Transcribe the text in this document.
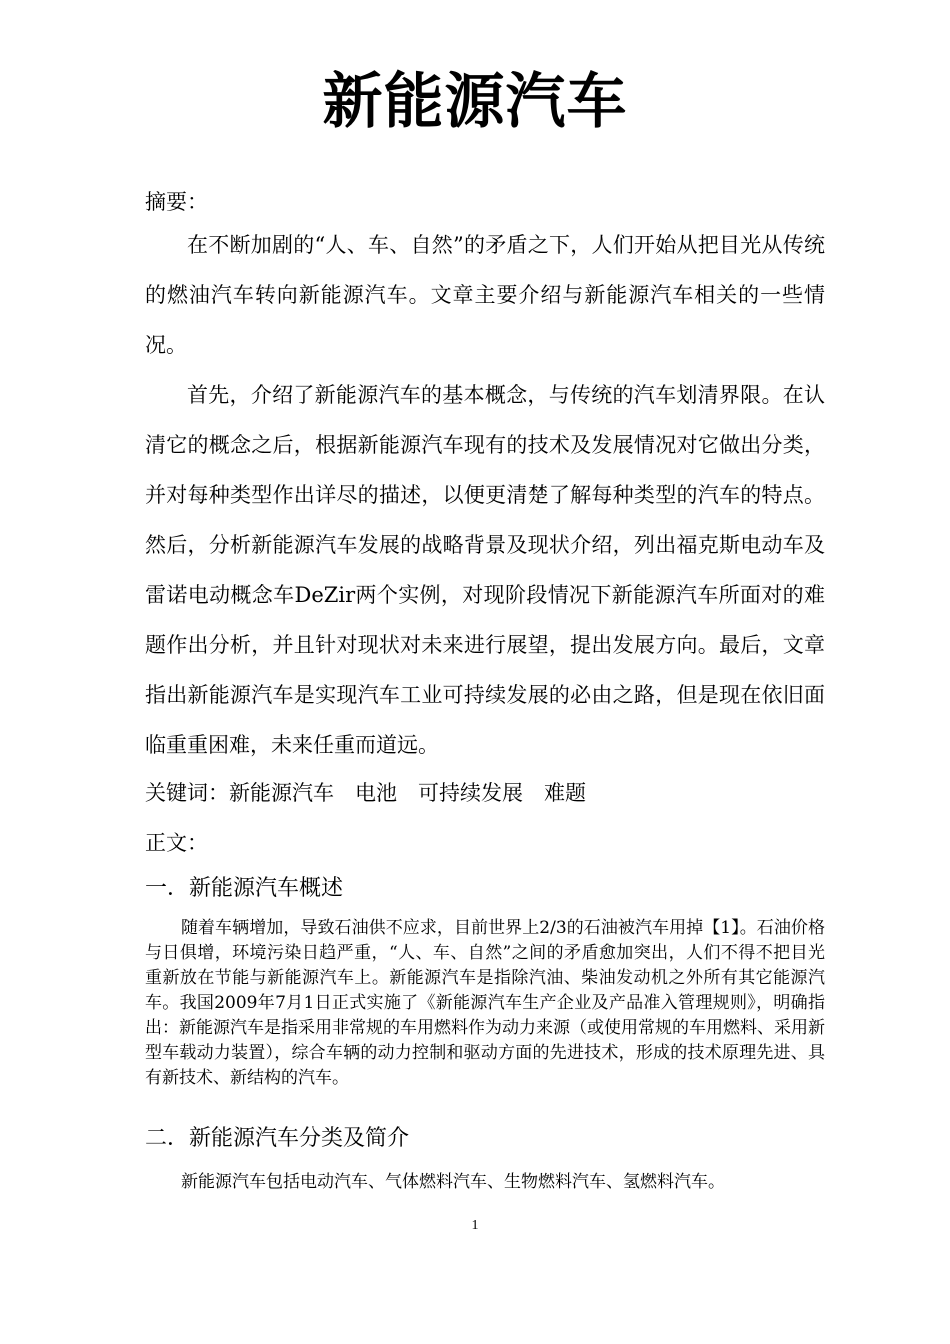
新能源汽车

摘要：

在不断加剧的“人、车、自然”的矛盾之下，人们开始从把目光从传统的燃油汽车转向新能源汽车。文章主要介绍与新能源汽车相关的一些情况。

首先，介绍了新能源汽车的基本概念，与传统的汽车划清界限。在认清它的概念之后，根据新能源汽车现有的技术及发展情况对它做出分类，并对每种类型作出详尽的描述，以便更清楚了解每种类型的汽车的特点。然后，分析新能源汽车发展的战略背景及现状介绍，列出福克斯电动车及雷诺电动概念车DeZir两个实例，对现阶段情况下新能源汽车所面对的难题作出分析，并且针对现状对未来进行展望，提出发展方向。最后，文章指出新能源汽车是实现汽车工业可持续发展的必由之路，但是现在依旧面临重重困难，未来任重而道远。

关键词：新能源汽车　电池　可持续发展　难题

正文：

一．新能源汽车概述

随着车辆增加，导致石油供不应求，目前世界上2/3的石油被汽车用掉【1】。石油价格与日俱增，环境污染日趋严重，“人、车、自然”之间的矛盾愈加突出，人们不得不把目光重新放在节能与新能源汽车上。新能源汽车是指除汽油、柴油发动机之外所有其它能源汽车。我国2009年7月1日正式实施了《新能源汽车生产企业及产品准入管理规则》，明确指出：新能源汽车是指采用非常规的车用燃料作为动力来源（或使用常规的车用燃料、采用新型车载动力装置），综合车辆的动力控制和驱动方面的先进技术，形成的技术原理先进、具有新技术、新结构的汽车。

二．新能源汽车分类及简介

新能源汽车包括电动汽车、气体燃料汽车、生物燃料汽车、氢燃料汽车。

1
